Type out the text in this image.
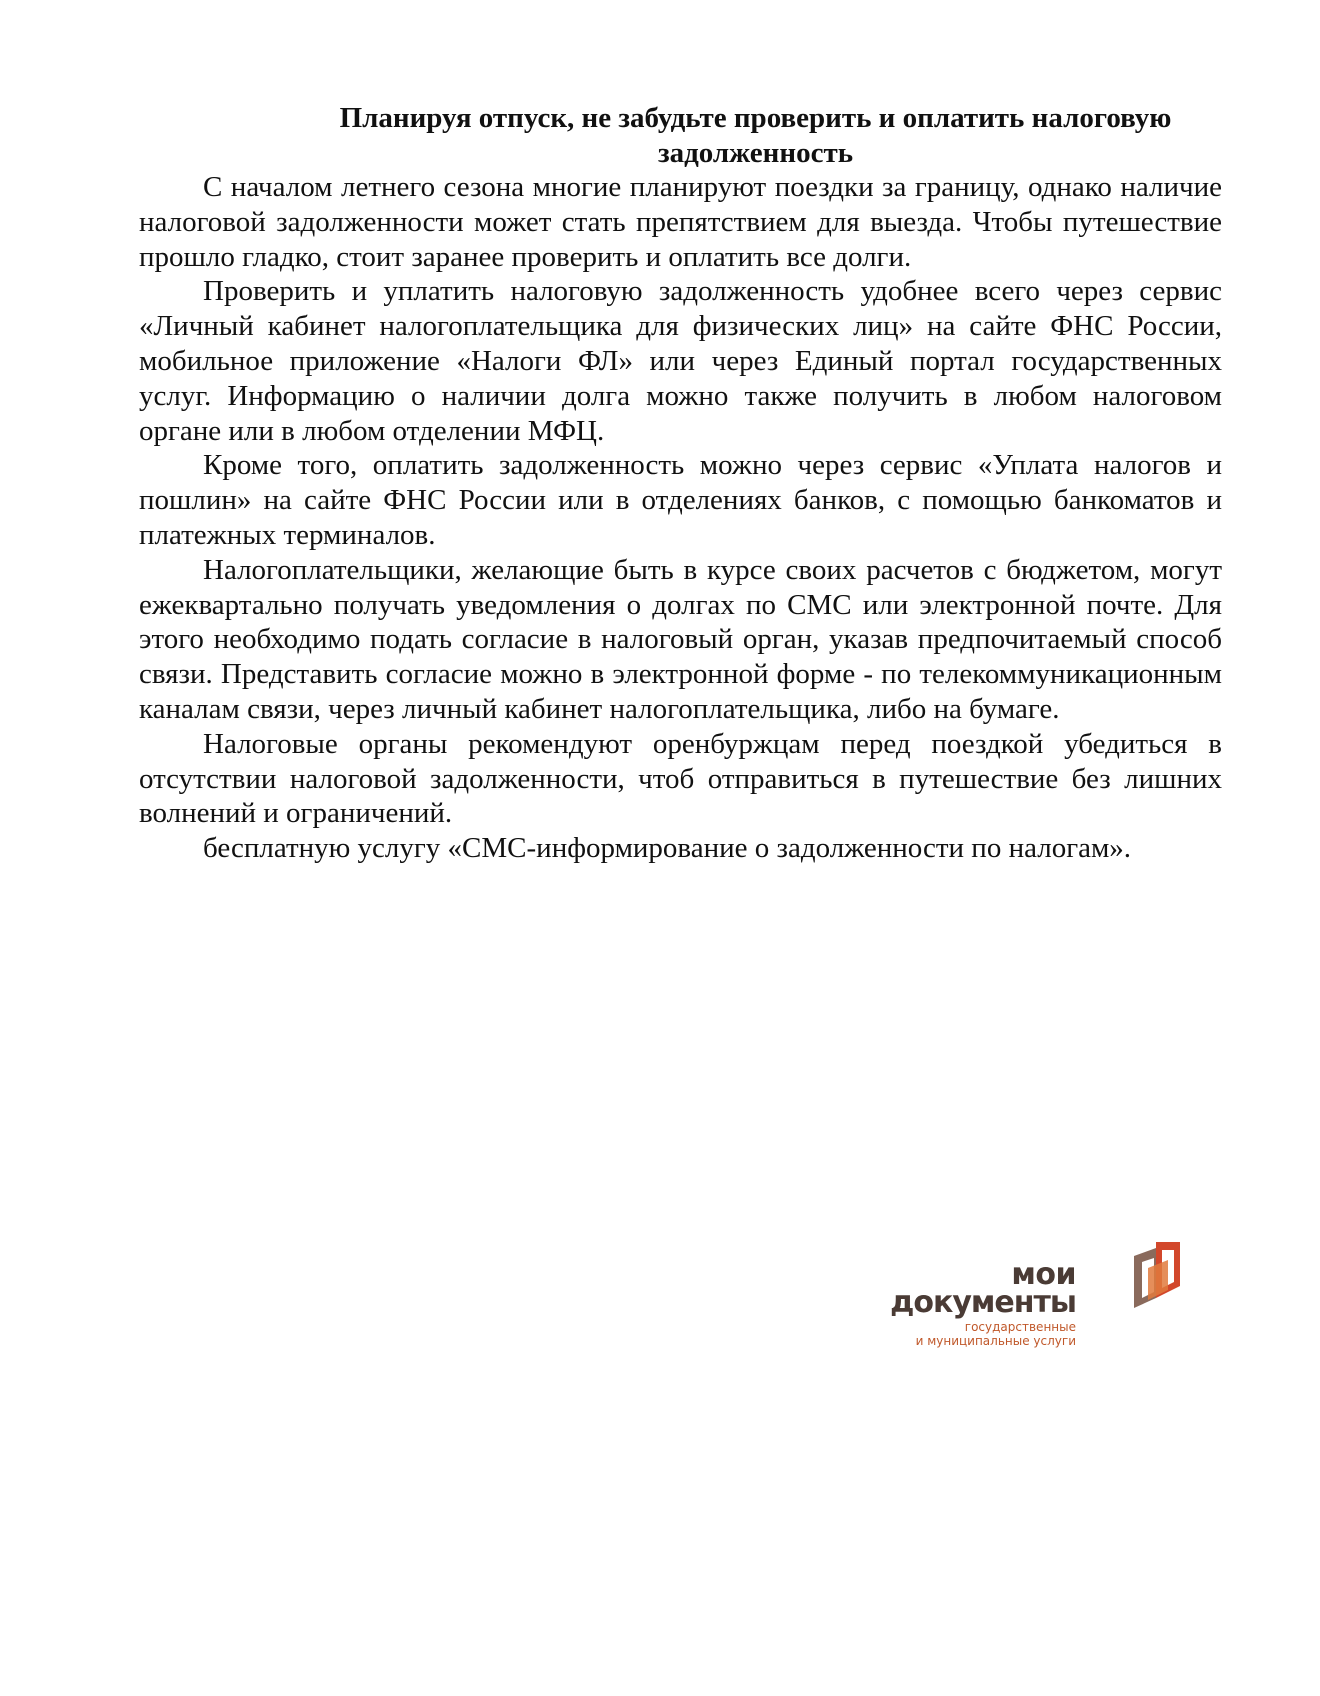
Планируя отпуск, не забудьте проверить и оплатить налоговую
задолженность

С началом летнего сезона многие планируют поездки за границу, однако наличие налоговой задолженности может стать препятствием для выезда. Чтобы путешествие прошло гладко, стоит заранее проверить и оплатить все долги.

Проверить и уплатить налоговую задолженность удобнее всего через сервис «Личный кабинет налогоплательщика для физических лиц» на сайте ФНС России, мобильное приложение «Налоги ФЛ» или через Единый портал государственных услуг. Информацию о наличии долга можно также получить в любом налоговом органе или в любом отделении МФЦ.

Кроме того, оплатить задолженность можно через сервис «Уплата налогов и пошлин» на сайте ФНС России или в отделениях банков, с помощью банкоматов и платежных терминалов.

Налогоплательщики, желающие быть в курсе своих расчетов с бюджетом, могут ежеквартально получать уведомления о долгах по СМС или электронной почте. Для этого необходимо подать согласие в налоговый орган, указав предпочитаемый способ связи. Представить согласие можно в электронной форме - по телекоммуникационным каналам связи, через личный кабинет налогоплательщика, либо на бумаге.

Налоговые органы рекомендуют оренбуржцам перед поездкой убедиться в отсутствии налоговой задолженности, чтоб отправиться в путешествие без лишних волнений и ограничений.

бесплатную услугу «СМС-информирование о задолженности по налогам».

мои
документы
государственные
и муниципальные услуги
